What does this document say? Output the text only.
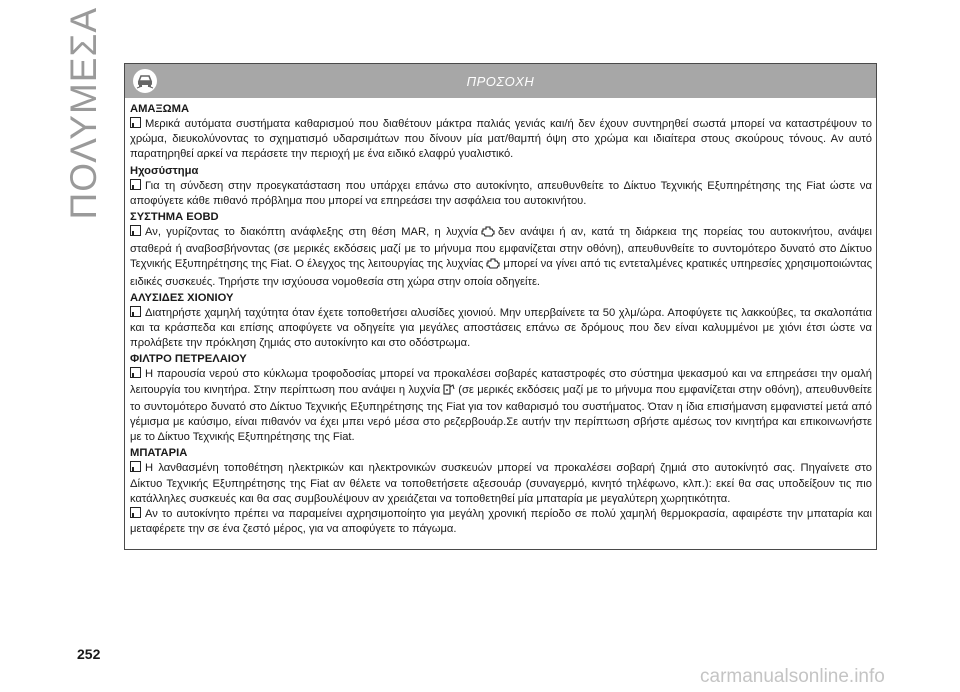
ΠΟΛΥΜΕΣΑ	ΠΡΟΣΟΧΗ
ΑΜΑΞΩΜΑ

Μερικά αυτόματα συστήματα καθαρισμού που διαθέτουν μάκτρα παλιάς γενιάς και/ή δεν έχουν συντηρηθεί σωστά μπορεί να καταστρέψουν το χρώμα, διευκολύνοντας το σχηματισμό υδαρσιμάτων που δίνουν μία ματ/θαμπή όψη στο χρώμα και ιδιαίτερα στους σκούρους τόνους. Αν αυτό παρατηρηθεί αρκεί να περάσετε την περιοχή με ένα ειδικό ελαφρύ γυαλιστικό.

Ηχοσύστημα

Για τη σύνδεση στην προεγκατάσταση που υπάρχει επάνω στο αυτοκίνητο, απευθυνθείτε το Δίκτυο Τεχνικής Εξυπηρέτησης της Fiat ώστε να αποφύγετε κάθε πιθανό πρόβλημα που μπορεί να επηρεάσει την ασφάλεια του αυτοκινήτου.

ΣΥΣΤΗΜΑ EOBD

Αν, γυρίζοντας το διακόπτη ανάφλεξης στη θέση MAR, η λυχνία δεν ανάψει ή αν, κατά τη διάρκεια της πορείας του αυτοκινήτου, ανάψει σταθερά ή αναβοσβήνοντας (σε μερικές εκδόσεις μαζί με το μήνυμα που εμφανίζεται στην οθόνη), απευθυνθείτε το συντομότερο δυνατό στο Δίκτυο Τεχνικής Εξυπηρέτησης της Fiat. Ο έλεγχος της λειτουργίας της λυχνίας μπορεί να γίνει από τις εντεταλμένες κρατικές υπηρεσίες χρησιμοποιώντας ειδικές συσκευές. Τηρήστε την ισχύουσα νομοθεσία στη χώρα στην οποία οδηγείτε.

ΑΛΥΣΙΔΕΣ ΧΙΟΝΙΟΥ

Διατηρήστε χαμηλή ταχύτητα όταν έχετε τοποθετήσει αλυσίδες χιονιού. Μην υπερβαίνετε τα 50 χλμ/ώρα. Αποφύγετε τις λακκούβες, τα σκαλοπάτια και τα κράσπεδα και επίσης αποφύγετε να οδηγείτε για μεγάλες αποστάσεις επάνω σε δρόμους που δεν είναι καλυμμένοι με χιόνι έτσι ώστε να προλάβετε την πρόκληση ζημιάς στο αυτοκίνητο και στο οδόστρωμα.

ΦΙΛΤΡΟ ΠΕΤΡΕΛΑΙΟΥ

Η παρουσία νερού στο κύκλωμα τροφοδοσίας μπορεί να προκαλέσει σοβαρές καταστροφές στο σύστημα ψεκασμού και να επηρεάσει την ομαλή λειτουργία του κινητήρα. Στην περίπτωση που ανάψει η λυχνία (σε μερικές εκδόσεις μαζί με το μήνυμα που εμφανίζεται στην οθόνη), απευθυνθείτε το συντομότερο δυνατό στο Δίκτυο Τεχνικής Εξυπηρέτησης της Fiat για τον καθαρισμό του συστήματος. Όταν η ίδια επισήμανση εμφανιστεί μετά από γέμισμα με καύσιμο, είναι πιθανόν να έχει μπει νερό μέσα στο ρεζερβουάρ.Σε αυτήν την περίπτωση σβήστε αμέσως τον κινητήρα και επικοινωνήστε με το Δίκτυο Τεχνικής Εξυπηρέτησης της Fiat.

ΜΠΑΤΑΡΙΑ

Η λανθασμένη τοποθέτηση ηλεκτρικών και ηλεκτρονικών συσκευών μπορεί να προκαλέσει σοβαρή ζημιά στο αυτοκίνητό σας. Πηγαίνετε στο Δίκτυο Τεχνικής Εξυπηρέτησης της Fiat αν θέλετε να τοποθετήσετε αξεσουάρ (συναγερμό, κινητό τηλέφωνο, κλπ.): εκεί θα σας υποδείξουν τις πιο κατάλληλες συσκευές και θα σας συμβουλέψουν αν χρειάζεται να τοποθετηθεί μία μπαταρία με μεγαλύτερη χωρητικότητα.

Αν το αυτοκίνητο πρέπει να παραμείνει αχρησιμοποίητο για μεγάλη χρονική περίοδο σε πολύ χαμηλή θερμοκρασία, αφαιρέστε την μπαταρία και μεταφέρετε την σε ένα ζεστό μέρος, για να αποφύγετε το πάγωμα.

252
carmanualsonline.info
